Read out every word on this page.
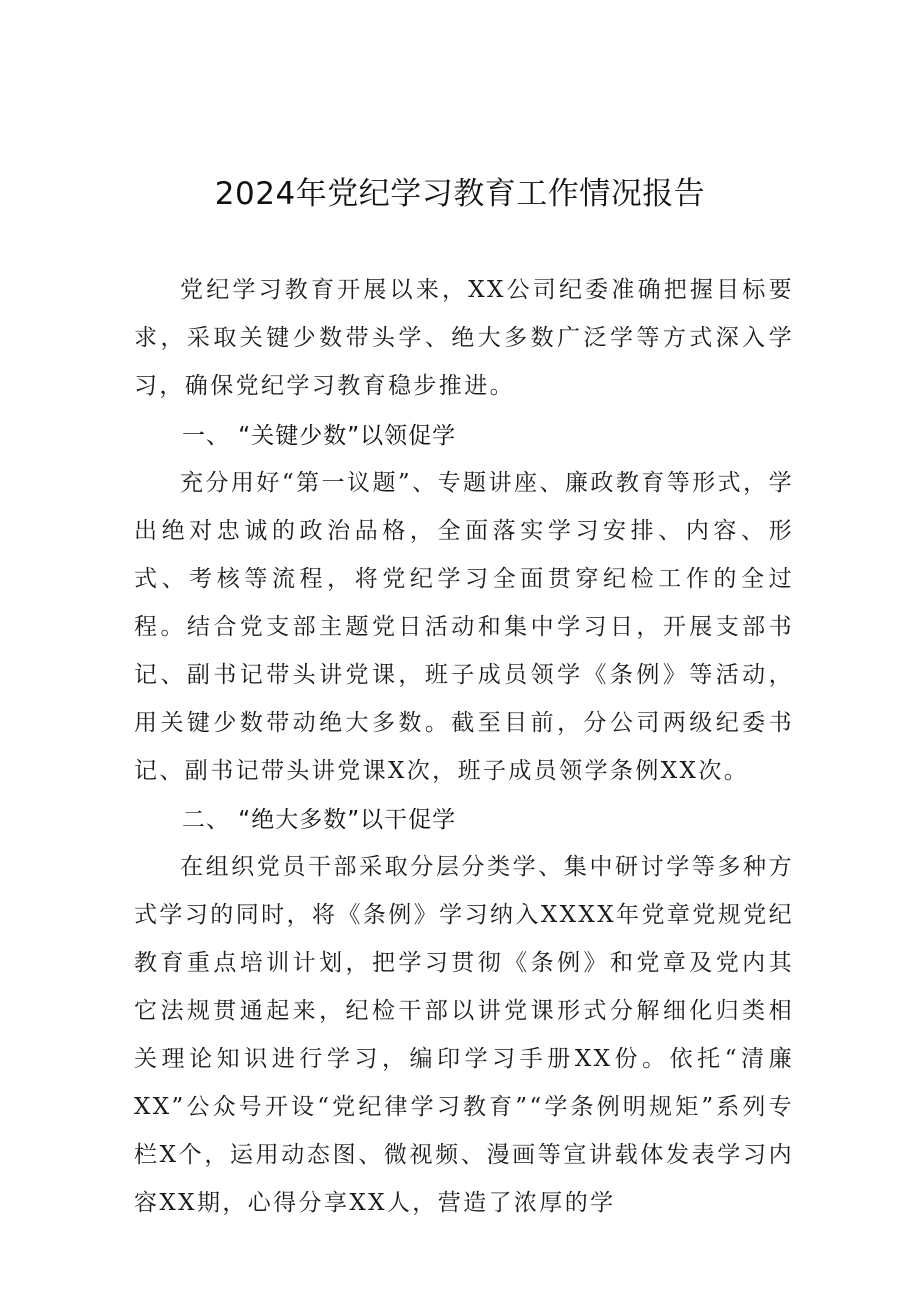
2024年党纪学习教育工作情况报告

党纪学习教育开展以来，XX公司纪委准确把握目标要求，采取关键少数带头学、绝大多数广泛学等方式深入学习，确保党纪学习教育稳步推进。

一、 “关键少数”以领促学

充分用好“第一议题”、专题讲座、廉政教育等形式，学出绝对忠诚的政治品格，全面落实学习安排、内容、形式、考核等流程，将党纪学习全面贯穿纪检工作的全过程。结合党支部主题党日活动和集中学习日，开展支部书记、副书记带头讲党课，班子成员领学《条例》等活动，用关键少数带动绝大多数。截至目前，分公司两级纪委书记、副书记带头讲党课X次，班子成员领学条例XX次。

二、 “绝大多数”以干促学

在组织党员干部采取分层分类学、集中研讨学等多种方式学习的同时，将《条例》学习纳入XXXX年党章党规党纪教育重点培训计划，把学习贯彻《条例》和党章及党内其它法规贯通起来，纪检干部以讲党课形式分解细化归类相关理论知识进行学习，编印学习手册XX份。依托“清廉XX”公众号开设“党纪律学习教育”“学条例明规矩”系列专栏X个，运用动态图、微视频、漫画等宣讲载体发表学习内容XX期，心得分享XX人，营造了浓厚的学
